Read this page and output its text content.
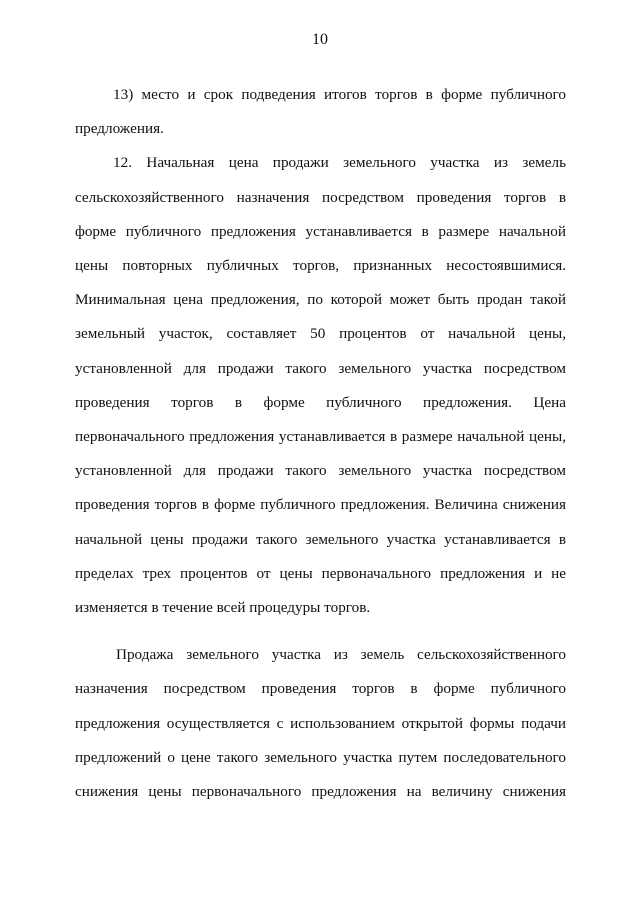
10

13) место и срок подведения итогов торгов в форме публичного предложения.

12. Начальная цена продажи земельного участка из земель сельскохозяйственного назначения посредством проведения торгов в форме публичного предложения устанавливается в размере начальной цены повторных публичных торгов, признанных несостоявшимися. Минимальная цена предложения, по которой может быть продан такой земельный участок, составляет 50 процентов от начальной цены, установленной для продажи такого земельного участка посредством проведения торгов в форме публичного предложения. Цена первоначального предложения устанавливается в размере начальной цены, установленной для продажи такого земельного участка посредством проведения торгов в форме публичного предложения. Величина снижения начальной цены продажи такого земельного участка устанавливается в пределах трех процентов от цены первоначального предложения и не изменяется в течение всей процедуры торгов.

Продажа земельного участка из земель сельскохозяйственного назначения посредством проведения торгов в форме публичного предложения осуществляется с использованием открытой формы подачи предложений о цене такого земельного участка путем последовательного снижения цены первоначального предложения на величину снижения
